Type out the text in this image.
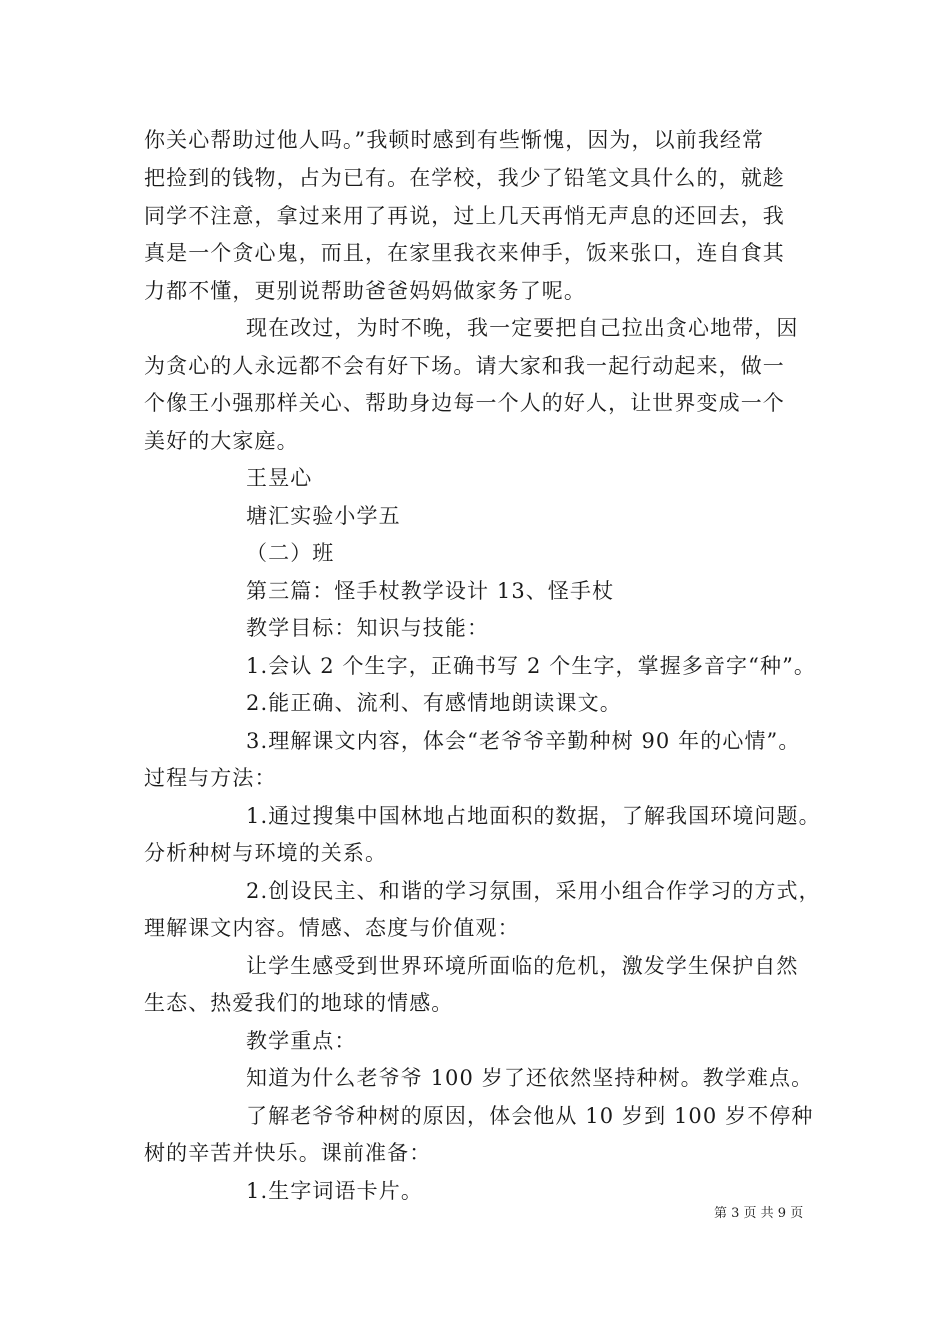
你关心帮助过他人吗。”我顿时感到有些惭愧，因为，以前我经常
把捡到的钱物，占为已有。在学校，我少了铅笔文具什么的，就趁
同学不注意，拿过来用了再说，过上几天再悄无声息的还回去，我
真是一个贪心鬼，而且，在家里我衣来伸手，饭来张口，连自食其
力都不懂，更别说帮助爸爸妈妈做家务了呢。
现在改过，为时不晚，我一定要把自己拉出贪心地带，因
为贪心的人永远都不会有好下场。请大家和我一起行动起来，做一
个像王小强那样关心、帮助身边每一个人的好人，让世界变成一个
美好的大家庭。
王昱心
塘汇实验小学五
（二）班
第三篇：怪手杖教学设计 13、怪手杖
教学目标：知识与技能：
1.会认 2 个生字，正确书写 2 个生字，掌握多音字“种”。
2.能正确、流利、有感情地朗读课文。
3.理解课文内容，体会“老爷爷辛勤种树 90 年的心情”。
过程与方法：
1.通过搜集中国林地占地面积的数据，了解我国环境问题。
分析种树与环境的关系。
2.创设民主、和谐的学习氛围，采用小组合作学习的方式，
理解课文内容。情感、态度与价值观：
让学生感受到世界环境所面临的危机，激发学生保护自然
生态、热爱我们的地球的情感。
教学重点：
知道为什么老爷爷 100 岁了还依然坚持种树。教学难点。
了解老爷爷种树的原因，体会他从 10 岁到 100 岁不停种
树的辛苦并快乐。课前准备：
1.生字词语卡片。
第 3 页 共 9 页
